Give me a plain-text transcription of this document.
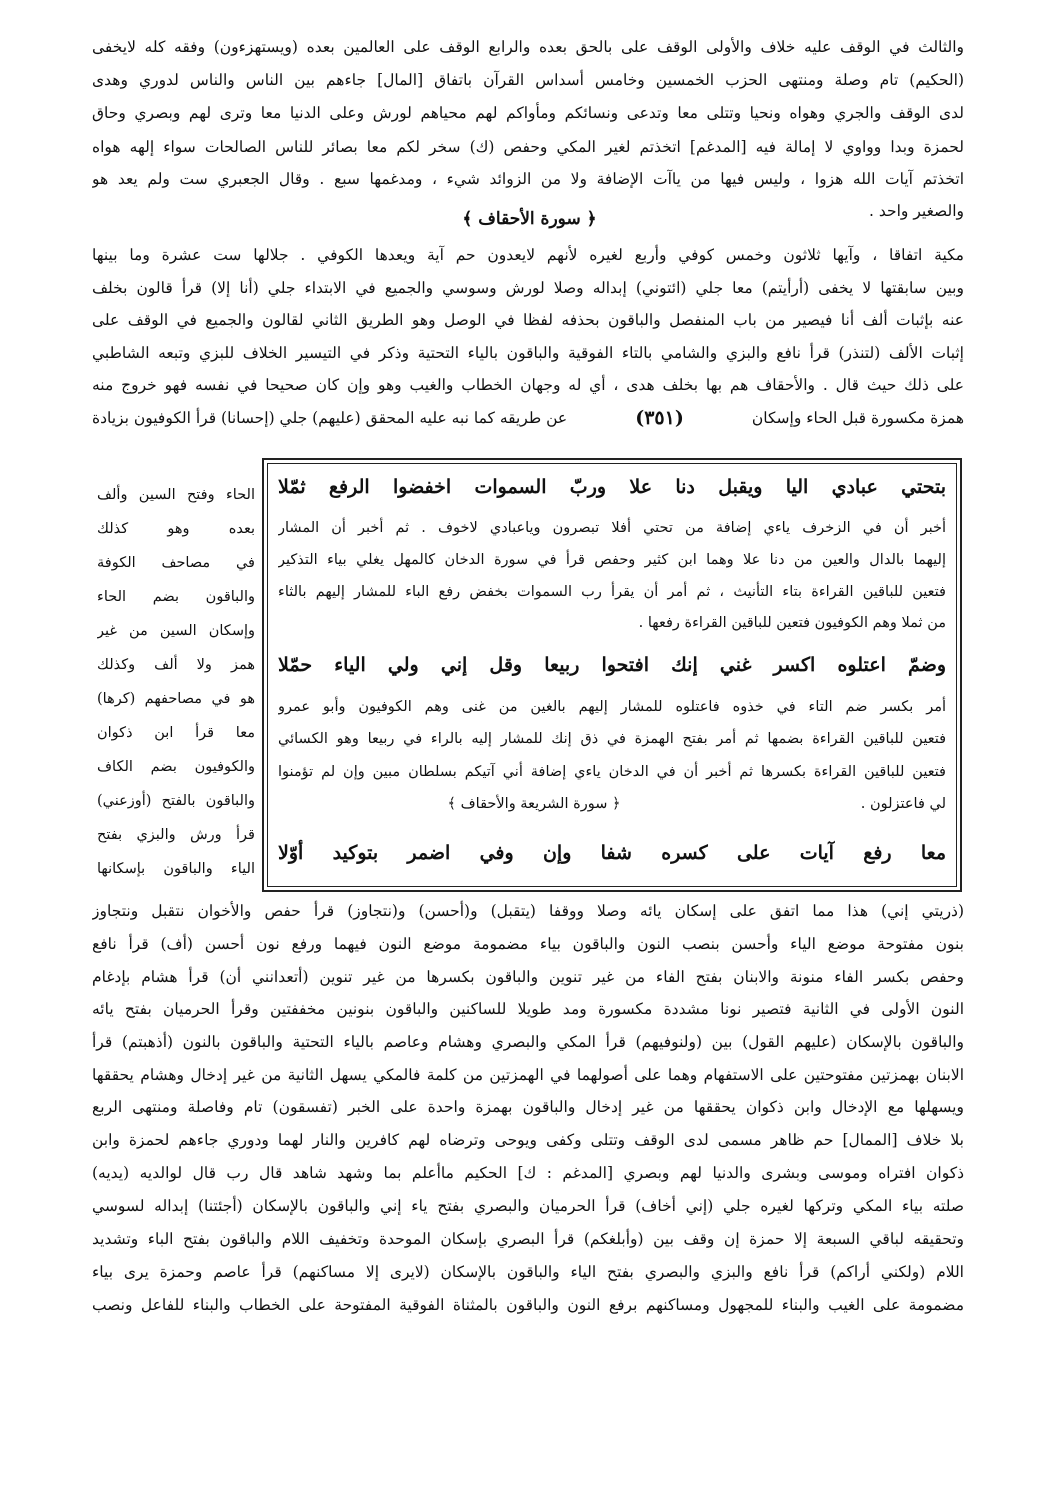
والثالث في الوقف عليه خلاف والأولى الوقف على بالحق بعده والرابع الوقف على العالمين بعده (ويستهزءون) وفقه كله لايخفى
(الحكيم) تام وصلة ومنتهى الحزب الخمسين وخامس أسداس القرآن باتفاق [المال] جاءهم بين الناس والناس لدوري وهدى
لدى الوقف والجري وهواه ونحيا وتتلى معا وتدعى ونسائكم ومأواكم لهم محياهم لورش وعلى الدنيا معا وترى لهم وبصري وحاق
لحمزة وبدا وواوي لا إمالة فيه [المدغم] اتخذتم لغير المكي وحفص (ك) سخر لكم معا بصائر للناس الصالحات سواء إلهه هواه
اتخذتم آيات الله هزوا ، وليس فيها من ياآت الإضافة ولا من الزوائد شيء ، ومدغمها سبع . وقال الجعبري ست ولم يعد هو
والصغير واحد .
﴿ سورة الأحقاف ﴾
مكية اتفاقا ، وآيها ثلاثون وخمس كوفي وأربع لغيره لأنهم لايعدون حم آية ويعدها الكوفي . جلالها ست عشرة وما بينها
وبين سابقتها لا يخفى (أرأيتم) معا جلي (ائتوني) إبداله وصلا لورش وسوسي والجميع في الابتداء جلي (أنا إلا) قرأ قالون بخلف
عنه بإثبات ألف أنا فيصير من باب المنفصل والباقون بحذفه لفظا في الوصل وهو الطريق الثاني لقالون والجميع في الوقف على
إثبات الألف (لتنذر) قرأ نافع والبزي والشامي بالتاء الفوقية والباقون بالياء التحتية وذكر في التيسير الخلاف للبزي وتبعه الشاطبي
على ذلك حيث قال . والأحقاف هم بها بخلف هدى ، أي له وجهان الخطاب والغيب وهو وإن كان صحيحا في نفسه فهو خروج منه
همزة مكسورة قبل الحاء وإسكان
(٣٥١)
عن طريقه كما نبه عليه المحقق (عليهم) جلي (إحسانا) قرأ الكوفيون بزيادة
بتحتي عبادي اليا ويقبل دنا علا وربّ السموات اخفضوا الرفع ثمّلا
أخبر أن في الزخرف ياءي إضافة من تحتي أفلا تبصرون وياعبادي لاخوف . ثم أخبر أن المشار
إليهما بالدال والعين من دنا علا وهما ابن كثير وحفص قرأ في سورة الدخان كالمهل يغلي بياء التذكير
فتعين للباقين القراءة بتاء التأنيث ، ثم أمر أن يقرأ رب السموات بخفض رفع الباء للمشار إليهم بالثاء
من ثملا وهم الكوفيون فتعين للباقين القراءة رفعها .
وضمّ اعتلوه اكسر غني إنك افتحوا ربيعا وقل إني ولي الياء حمّلا
أمر بكسر ضم التاء في خذوه فاعتلوه للمشار إليهم بالغين من غنى وهم الكوفيون وأبو عمرو
فتعين للباقين القراءة بضمها ثم أمر بفتح الهمزة في ذق إنك للمشار إليه بالراء في ربيعا وهو الكسائي
فتعين للباقين القراءة بكسرها ثم أخبر أن في الدخان ياءي إضافة أني آتيكم بسلطان مبين وإن لم تؤمنوا
لي فاعتزلون .
﴿ سورة الشريعة والأحقاف ﴾
معا رفع آيات على كسره شفا وإن وفي اضمر بتوكيد أوّلا
الحاء وفتح السين وألف
بعده وهو كذلك
في مصاحف الكوفة
والباقون بضم الحاء
وإسكان السين من غير
همز ولا ألف وكذلك
هو في مصاحفهم (كرها)
معا قرأ ابن ذكوان
والكوفيون بضم الكاف
والباقون بالفتح (أوزعني)
قرأ ورش والبزي بفتح
الياء والباقون بإسكانها
(ذريتي إني) هذا مما اتفق على إسكان يائه وصلا ووقفا (يتقبل) و(أحسن) و(نتجاوز) قرأ حفص والأخوان نتقبل ونتجاوز
بنون مفتوحة موضع الياء وأحسن بنصب النون والباقون بياء مضمومة موضع النون فيهما ورفع نون أحسن (أف) قرأ نافع
وحفص بكسر الفاء منونة والابنان بفتح الفاء من غير تنوين والباقون بكسرها من غير تنوين (أتعدانني أن) قرأ هشام بإدغام
النون الأولى في الثانية فتصير نونا مشددة مكسورة ومد طويلا للساكنين والباقون بنونين مخففتين وقرأ الحرميان بفتح يائه
والباقون بالإسكان (عليهم القول) بين (ولنوفيهم) قرأ المكي والبصري وهشام وعاصم بالياء التحتية والباقون بالنون (أذهبتم) قرأ
الابنان بهمزتين مفتوحتين على الاستفهام وهما على أصولهما في الهمزتين من كلمة فالمكي يسهل الثانية من غير إدخال وهشام يحققها
ويسهلها مع الإدخال وابن ذكوان يحققها من غير إدخال والباقون بهمزة واحدة على الخبر (تفسقون) تام وفاصلة ومنتهى الربع
بلا خلاف [الممال] حم ظاهر مسمى لدى الوقف وتتلى وكفى ويوحى وترضاه لهم كافرين والنار لهما ودوري جاءهم لحمزة وابن
ذكوان افتراه وموسى وبشرى والدنيا لهم وبصري [المدغم : ك] الحكيم ماأعلم بما وشهد شاهد قال رب قال لوالديه (يديه)
صلته بياء المكي وتركها لغيره جلي (إني أخاف) قرأ الحرميان والبصري بفتح ياء إني والباقون بالإسكان (أجئتنا) إبداله لسوسي
وتحقيقه لباقي السبعة إلا حمزة إن وقف بين (وأبلغكم) قرأ البصري بإسكان الموحدة وتخفيف اللام والباقون بفتح الباء وتشديد
اللام (ولكني أراكم) قرأ نافع والبزي والبصري بفتح الياء والباقون بالإسكان (لايرى إلا مساكنهم) قرأ عاصم وحمزة يرى بياء
مضمومة على الغيب والبناء للمجهول ومساكنهم برفع النون والباقون بالمثناة الفوقية المفتوحة على الخطاب والبناء للفاعل ونصب
